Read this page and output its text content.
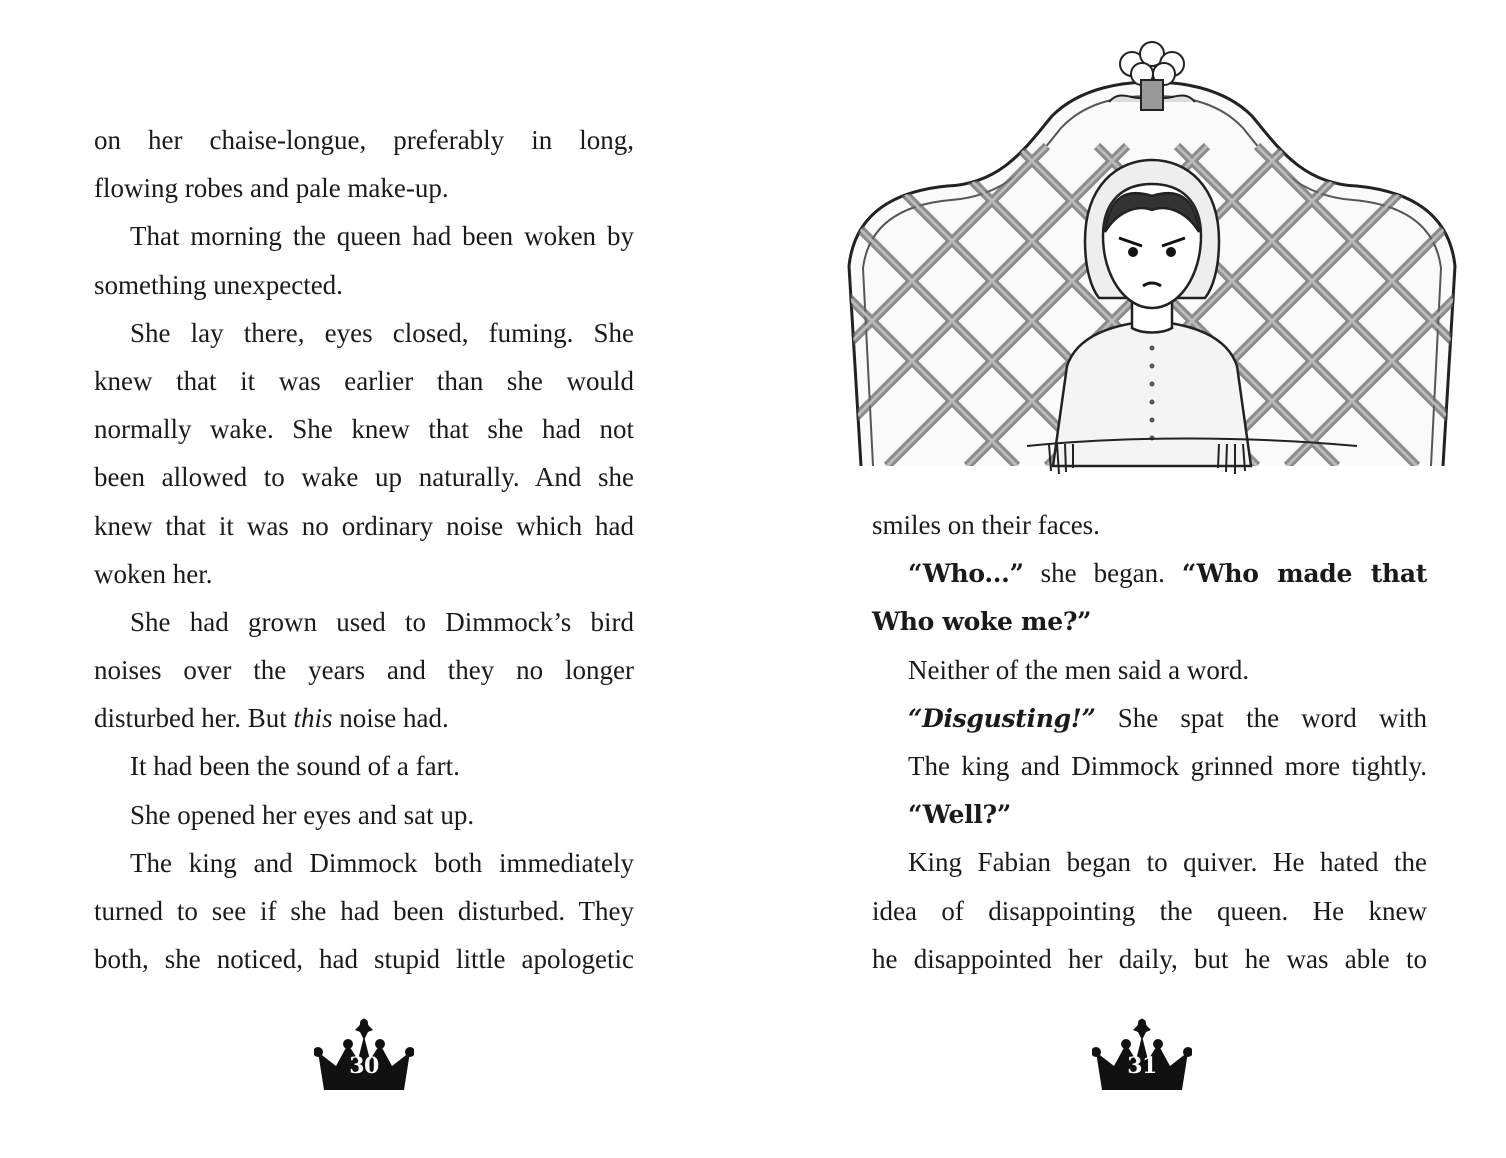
on her chaise-longue, preferably in long,
flowing robes and pale make-up.
That morning the queen had been woken by
something unexpected.
She lay there, eyes closed, fuming. She
knew that it was earlier than she would
normally wake. She knew that she had not
been allowed to wake up naturally. And she
knew that it was no ordinary noise which had
woken her.
She had grown used to Dimmock’s bird
noises over the years and they no longer
disturbed her. But this noise had.
It had been the sound of a fart.
She opened her eyes and sat up.
The king and Dimmock both immediately
turned to see if she had been disturbed. They
both, she noticed, had stupid little apologetic
30
smiles on their faces.
“Who...” she began. “Who made that
Who woke me?”
Neither of the men said a word.
“Disgusting!” She spat the word with
The king and Dimmock grinned more tightly.
“Well?”
King Fabian began to quiver. He hated the
idea of disappointing the queen. He knew
he disappointed her daily, but he was able to
31
